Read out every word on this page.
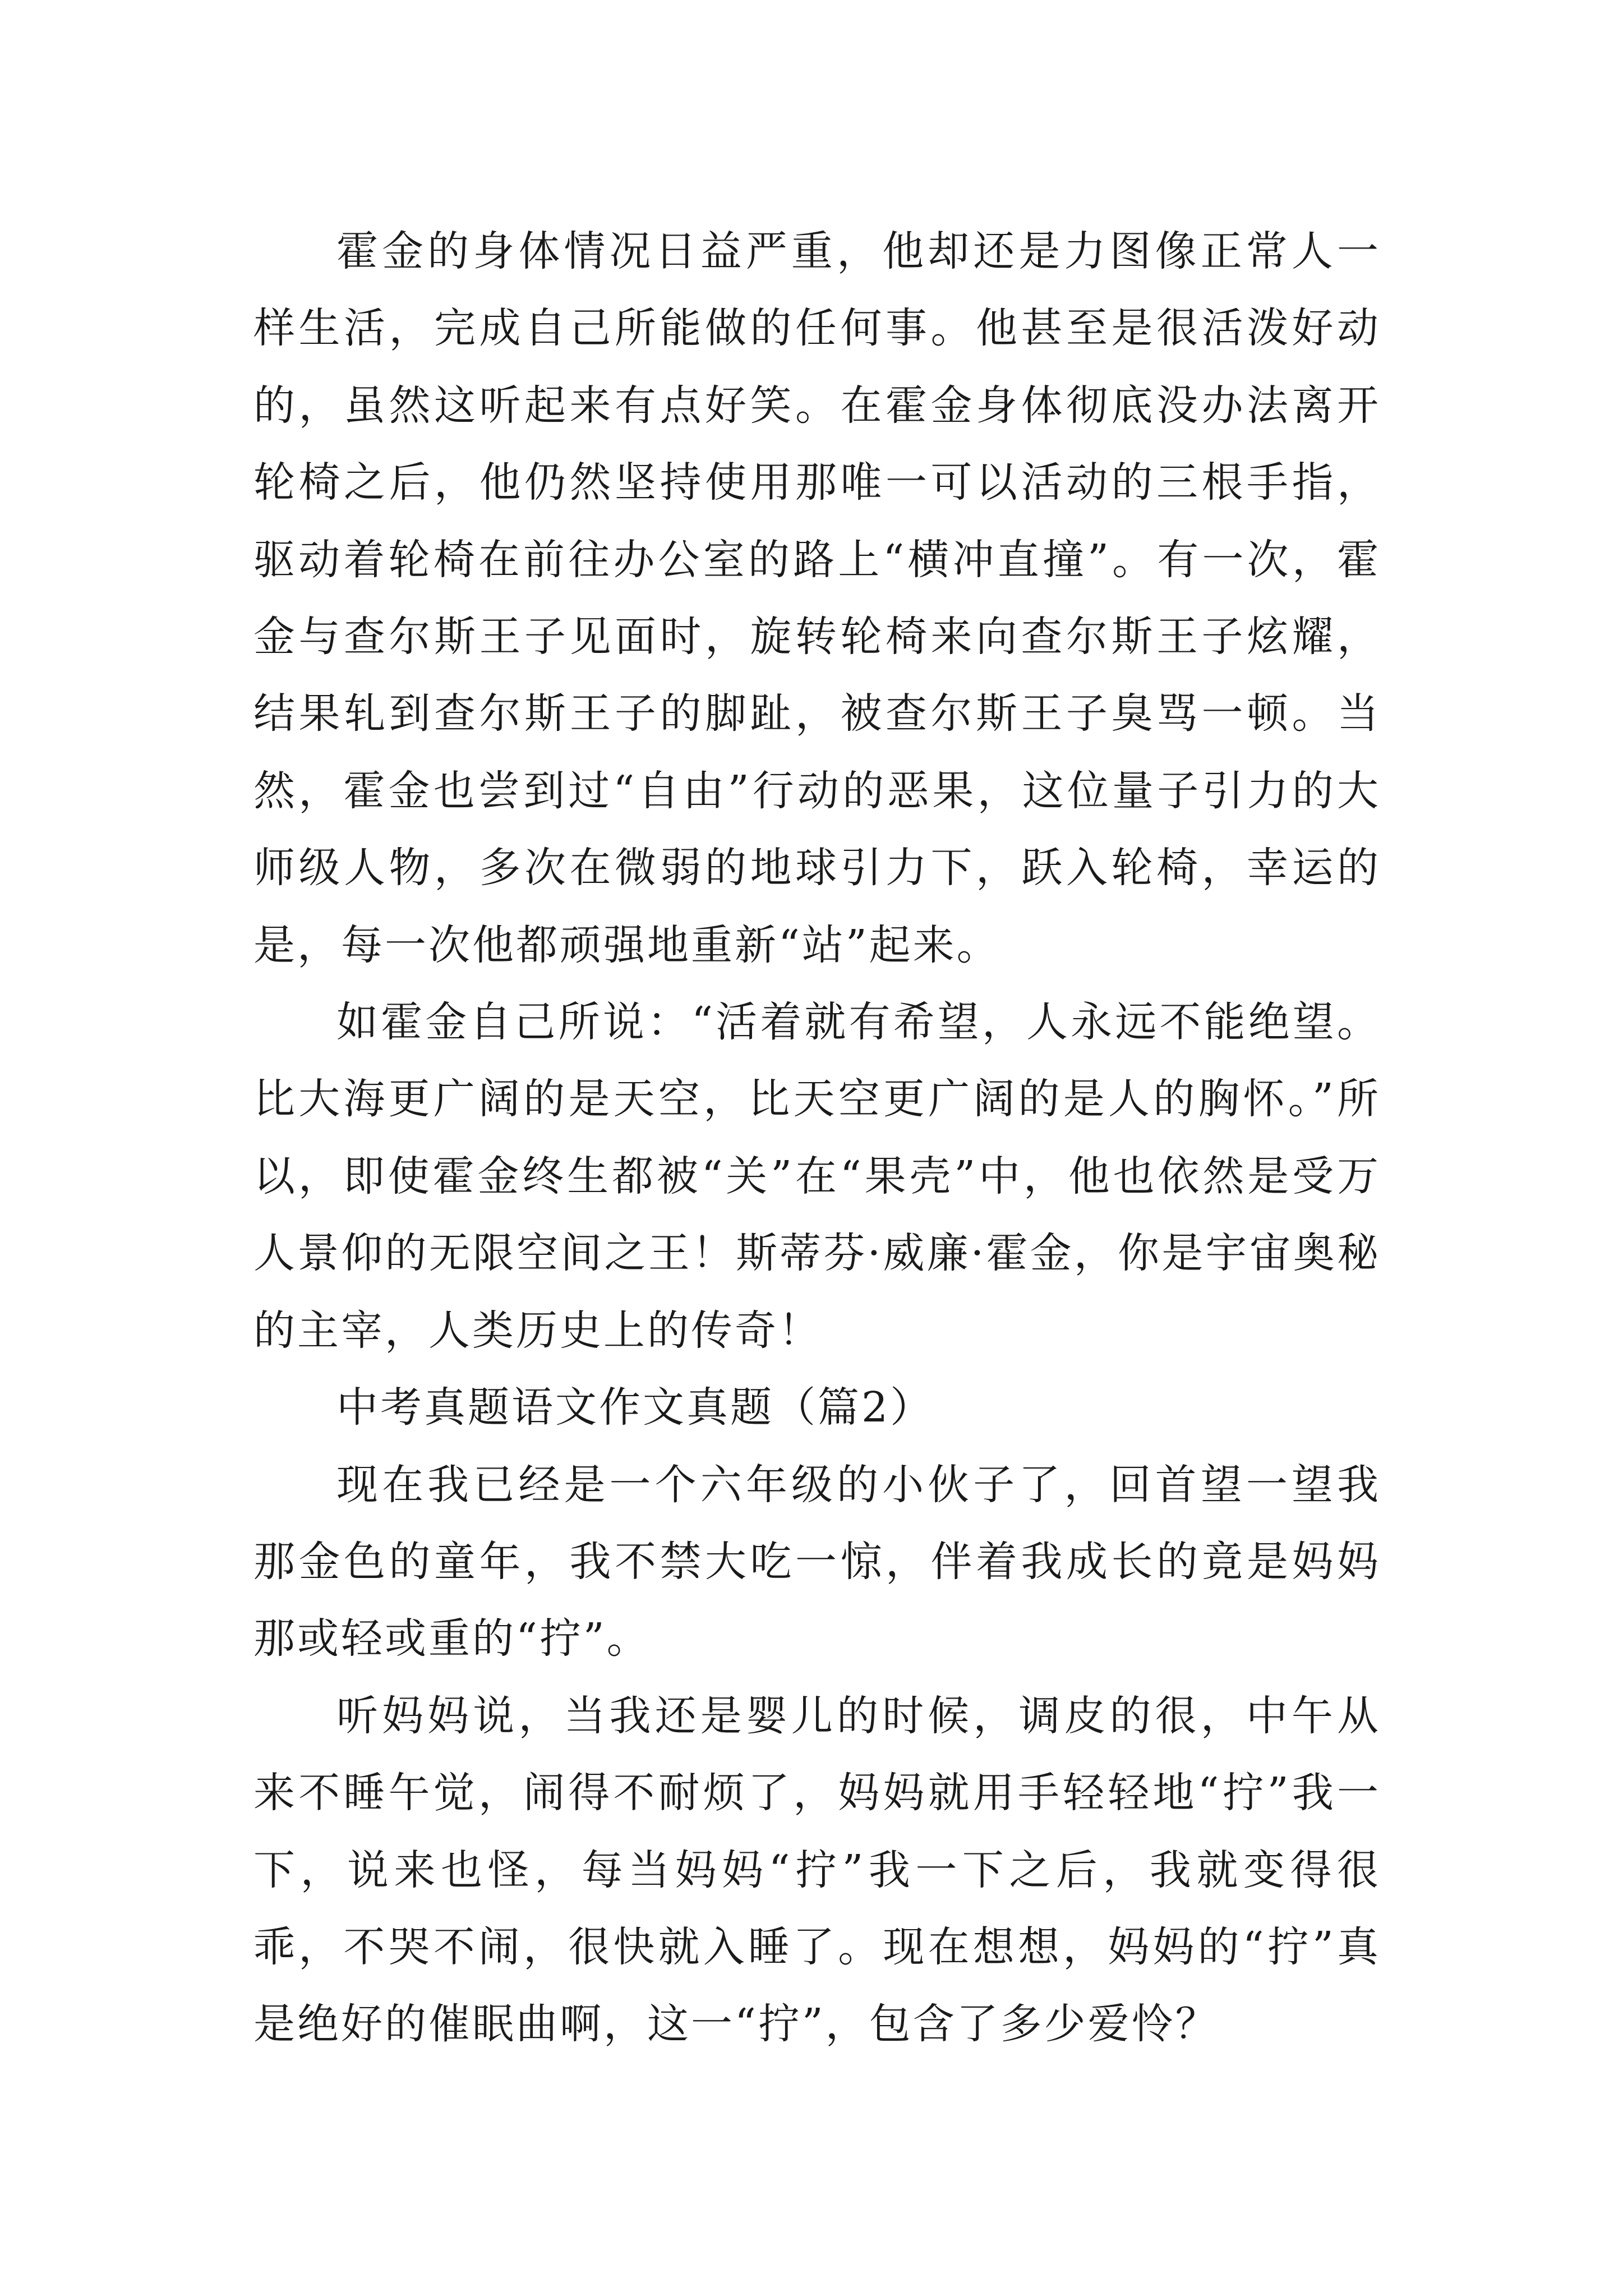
霍金的身体情况日益严重，他却还是力图像正常人一样生活，完成自己所能做的任何事。他甚至是很活泼好动的，虽然这听起来有点好笑。在霍金身体彻底没办法离开轮椅之后，他仍然坚持使用那唯一可以活动的三根手指，驱动着轮椅在前往办公室的路上“横冲直撞”。有一次，霍金与查尔斯王子见面时，旋转轮椅来向查尔斯王子炫耀，结果轧到查尔斯王子的脚趾，被查尔斯王子臭骂一顿。当然，霍金也尝到过“自由”行动的恶果，这位量子引力的大师级人物，多次在微弱的地球引力下，跃入轮椅，幸运的是，每一次他都顽强地重新“站”起来。

如霍金自己所说：“活着就有希望，人永远不能绝望。比大海更广阔的是天空，比天空更广阔的是人的胸怀。”所以，即使霍金终生都被“关”在“果壳”中，他也依然是受万人景仰的无限空间之王！斯蒂芬·威廉·霍金，你是宇宙奥秘的主宰，人类历史上的传奇！

中考真题语文作文真题（篇2）

现在我已经是一个六年级的小伙子了，回首望一望我那金色的童年，我不禁大吃一惊，伴着我成长的竟是妈妈那或轻或重的“拧”。

听妈妈说，当我还是婴儿的时候，调皮的很，中午从来不睡午觉，闹得不耐烦了，妈妈就用手轻轻地“拧”我一下，说来也怪，每当妈妈“拧”我一下之后，我就变得很乖，不哭不闹，很快就入睡了。现在想想，妈妈的“拧”真是绝好的催眠曲啊，这一“拧”，包含了多少爱怜？
